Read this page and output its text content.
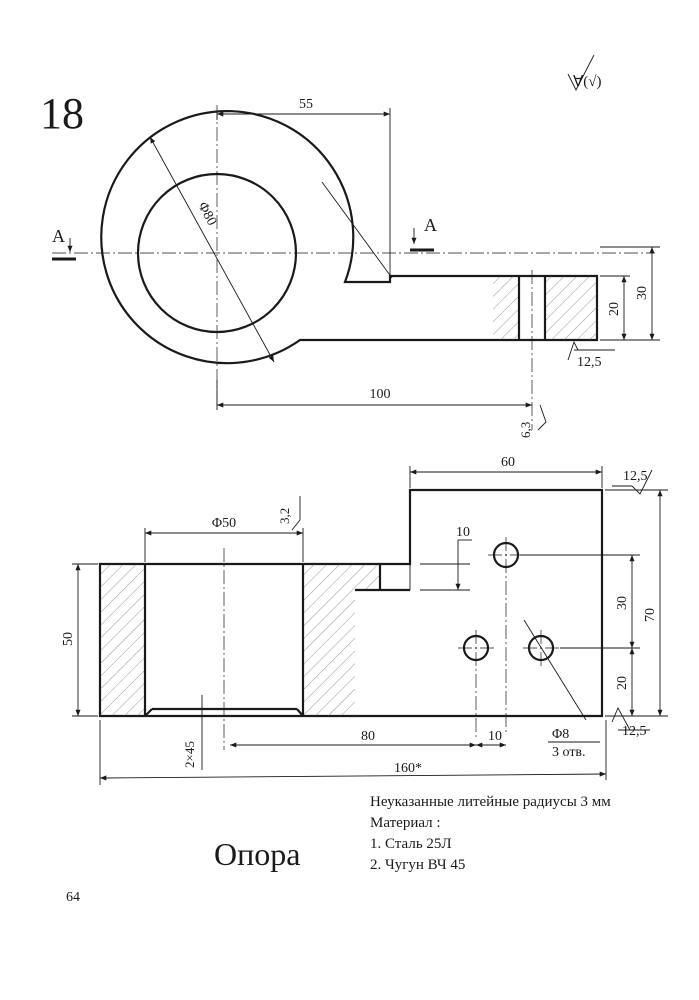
18
Опора
64
Неуказанные литейные радиусы 3 мм
Материал :
1. Сталь 25Л
2. Чугун ВЧ 45
∀(√)
A
A
55
Φ80
30
20
12,5
100
6,3
60
12,5
70
30
20
Φ50	3,2
10
50
2×45
80	10	Φ8
3 отв.
12,5
160*
